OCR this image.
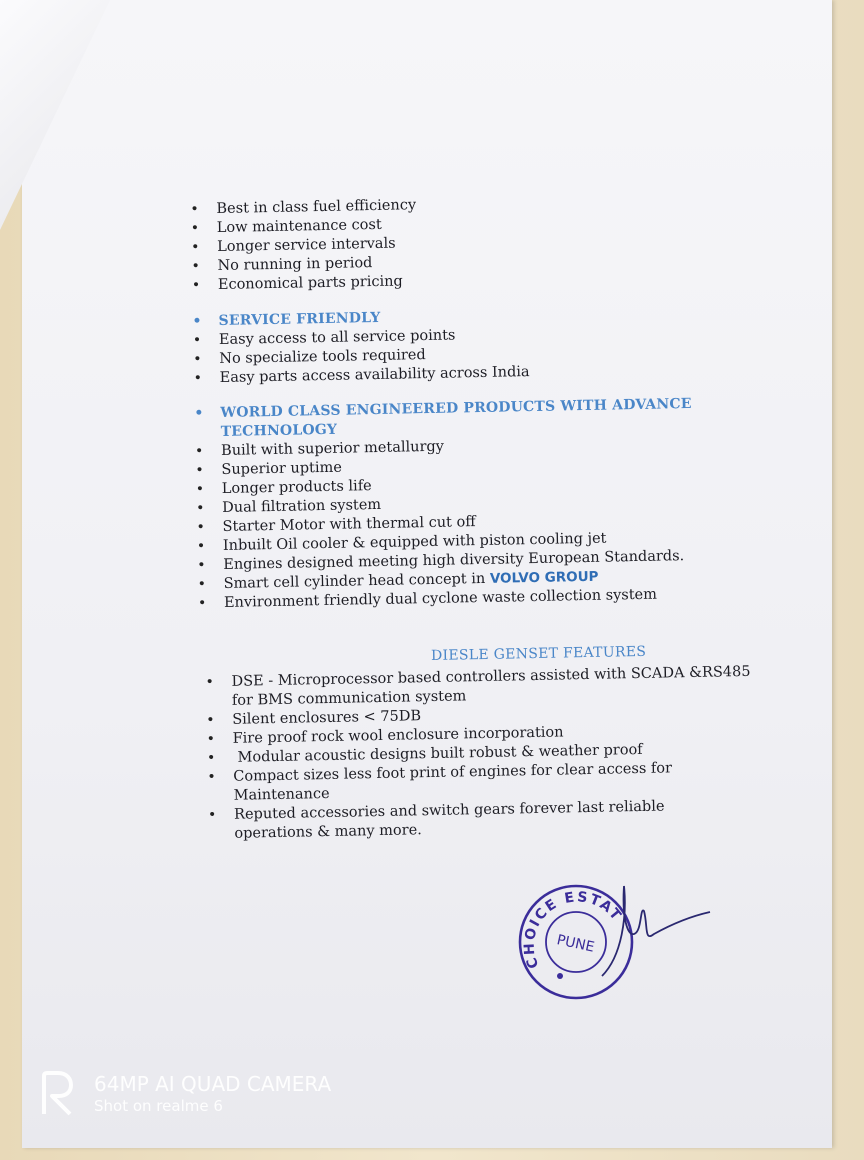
• Best in class fuel efficiency
• Low maintenance cost
• Longer service intervals
• No running in period
• Economical parts pricing
• SERVICE FRIENDLY
• Easy access to all service points
• No specialize tools required
• Easy parts access availability across India
• WORLD CLASS ENGINEERED PRODUCTS WITH ADVANCE
TECHNOLOGY
• Built with superior metallurgy
• Superior uptime
• Longer products life
• Dual filtration system
• Starter Motor with thermal cut off
• Inbuilt Oil cooler & equipped with piston cooling jet
• Engines designed meeting high diversity European Standards.
• Smart cell cylinder head concept in VOLVO GROUP
• Environment friendly dual cyclone waste collection system
DIESLE GENSET FEATURES
• DSE - Microprocessor based controllers assisted with SCADA &RS485
for BMS communication system
• Silent enclosures < 75DB
• Fire proof rock wool enclosure incorporation
•  Modular acoustic designs built robust & weather proof
• Compact sizes less foot print of engines for clear access for
Maintenance
• Reputed accessories and switch gears forever last reliable
operations & many more.
CHOICE ESTATES
PUNE
64MP AI QUAD CAMERA
Shot on realme 6
